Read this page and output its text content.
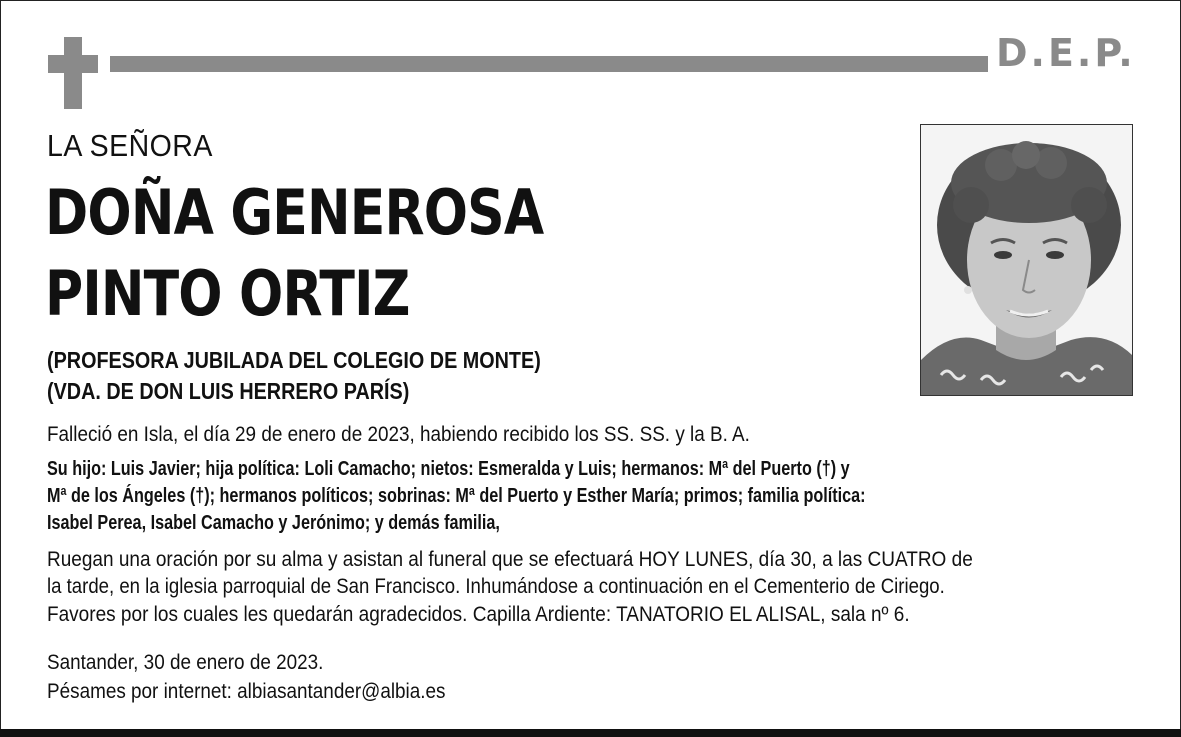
D.E.P.
LA SEÑORA
DOÑA GENEROSA
PINTO ORTIZ
(PROFESORA JUBILADA DEL COLEGIO DE MONTE)
(VDA. DE DON LUIS HERRERO PARÍS)
Falleció en Isla, el día 29 de enero de 2023, habiendo recibido los SS. SS. y la B. A.
Su hijo: Luis Javier; hija política: Loli Camacho; nietos: Esmeralda y Luis; hermanos: Mª del Puerto (†) y
Mª de los Ángeles (†); hermanos políticos; sobrinas: Mª del Puerto y Esther María; primos; familia política:
Isabel Perea, Isabel Camacho y Jerónimo; y demás familia,
Ruegan una oración por su alma y asistan al funeral que se efectuará HOY LUNES, día 30, a las CUATRO de
la tarde, en la iglesia parroquial de San Francisco. Inhumándose a continuación en el Cementerio de Ciriego.
Favores por los cuales les quedarán agradecidos. Capilla Ardiente: TANATORIO EL ALISAL, sala nº 6.
Santander, 30 de enero de 2023.
Pésames por internet: albiasantander@albia.es
